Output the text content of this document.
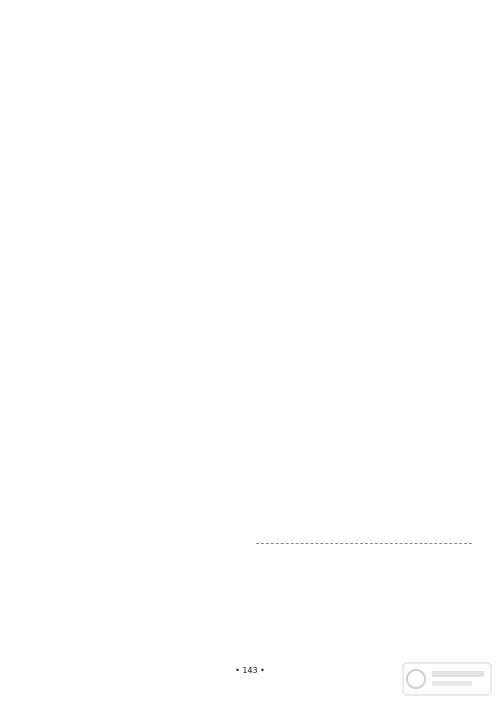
• 143 •
